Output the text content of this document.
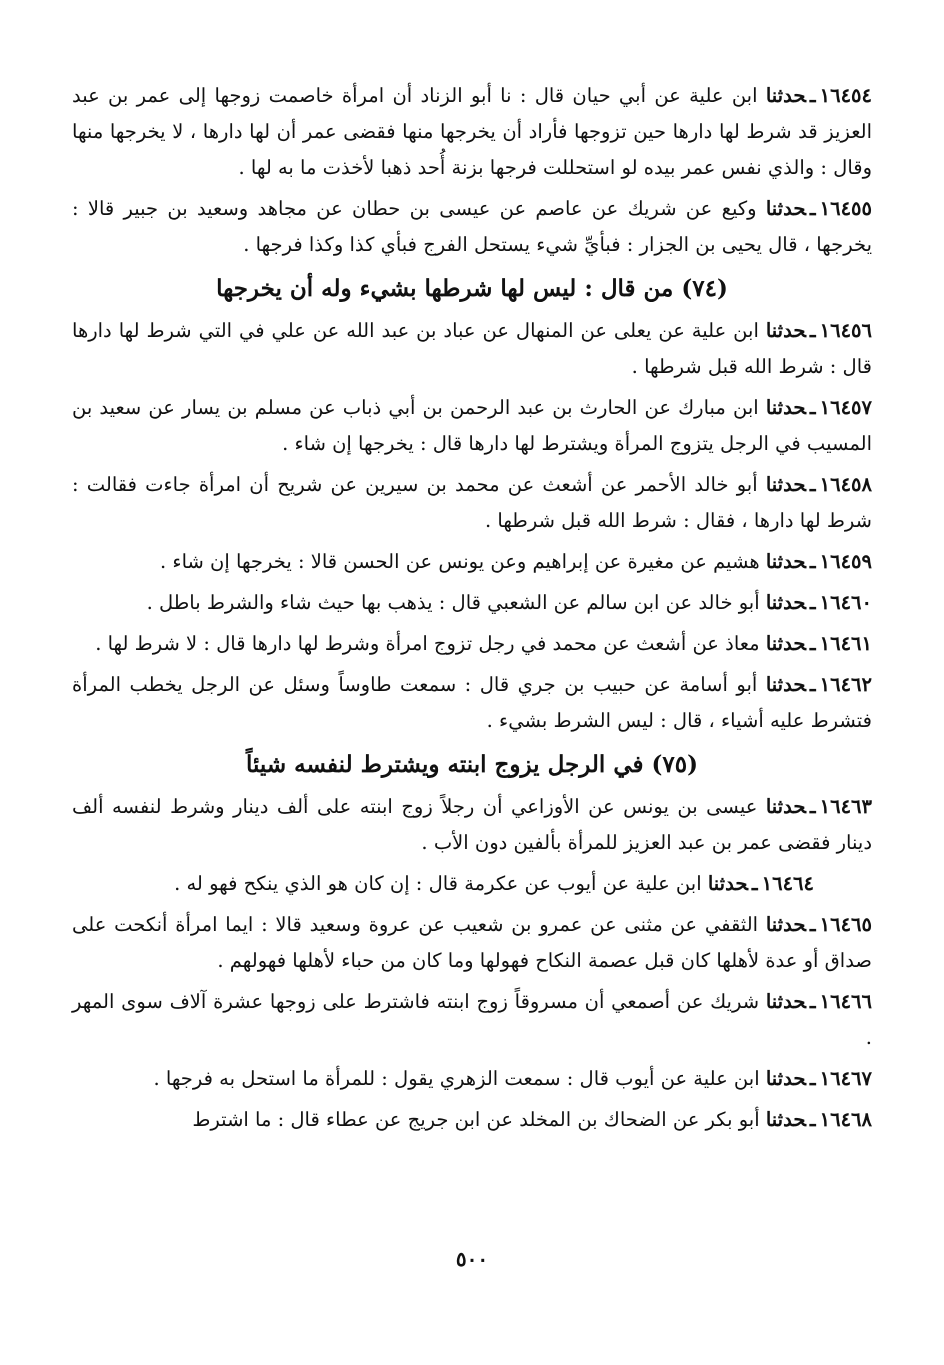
١٦٤٥٤ـحدثنا ابن علية عن أبي حيان قال : نا أبو الزناد أن امرأة خاصمت زوجها إلى عمر بن عبد العزيز قد شرط لها دارها حين تزوجها فأراد أن يخرجها منها فقضى عمر أن لها دارها ، لا يخرجها منها وقال : والذي نفس عمر بيده لو استحللت فرجها بزنة أُحد ذهبا لأخذت ما به لها .

١٦٤٥٥ـحدثنا وكيع عن شريك عن عاصم عن عيسى بن حطان عن مجاهد وسعيد بن جبير قالا : يخرجها ، قال يحيى بن الجزار : فبأيِّ شيء يستحل الفرج فبأي كذا وكذا فرجها .

(٧٤) من قال : ليس لها شرطها بشيء وله أن يخرجها

١٦٤٥٦ـحدثنا ابن علية عن يعلى عن المنهال عن عباد بن عبد الله عن علي في التي شرط لها دارها قال : شرط الله قبل شرطها .

١٦٤٥٧ـحدثنا ابن مبارك عن الحارث بن عبد الرحمن بن أبي ذباب عن مسلم بن يسار عن سعيد بن المسيب في الرجل يتزوج المرأة ويشترط لها دارها قال : يخرجها إن شاء .

١٦٤٥٨ـحدثنا أبو خالد الأحمر عن أشعث عن محمد بن سيرين عن شريح أن امرأة جاءت فقالت : شرط لها دارها ، فقال : شرط الله قبل شرطها .

١٦٤٥٩ـحدثنا هشيم عن مغيرة عن إبراهيم وعن يونس عن الحسن قالا : يخرجها إن شاء .

١٦٤٦٠ـحدثنا أبو خالد عن ابن سالم عن الشعبي قال : يذهب بها حيث شاء والشرط باطل .

١٦٤٦١ـحدثنا معاذ عن أشعث عن محمد في رجل تزوج امرأة وشرط لها دارها قال : لا شرط لها .

١٦٤٦٢ـحدثنا أبو أسامة عن حبيب بن جري قال : سمعت طاوساً وسئل عن الرجل يخطب المرأة فتشرط عليه أشياء ، قال : ليس الشرط بشيء .

(٧٥) في الرجل يزوج ابنته ويشترط لنفسه شيئاً

١٦٤٦٣ـحدثنا عيسى بن يونس عن الأوزاعي أن رجلاً زوج ابنته على ألف دينار وشرط لنفسه ألف دينار فقضى عمر بن عبد العزيز للمرأة بألفين دون الأب .

١٦٤٦٤ـحدثنا ابن علية عن أيوب عن عكرمة قال : إن كان هو الذي ينكح فهو له .

١٦٤٦٥ـحدثنا الثقفي عن مثنى عن عمرو بن شعيب عن عروة وسعيد قالا : ايما امرأة أنكحت على صداق أو عدة لأهلها كان قبل عصمة النكاح فهولها وما كان من حباء لأهلها فهولهم .

١٦٤٦٦ـحدثنا شريك عن أصمعي أن مسروقاً زوج ابنته فاشترط على زوجها عشرة آلاف سوى المهر .

١٦٤٦٧ـحدثنا ابن علية عن أيوب قال : سمعت الزهري يقول : للمرأة ما استحل به فرجها .

١٦٤٦٨ـحدثنا أبو بكر عن الضحاك بن المخلد عن ابن جريج عن عطاء قال : ما اشترط

٥٠٠
